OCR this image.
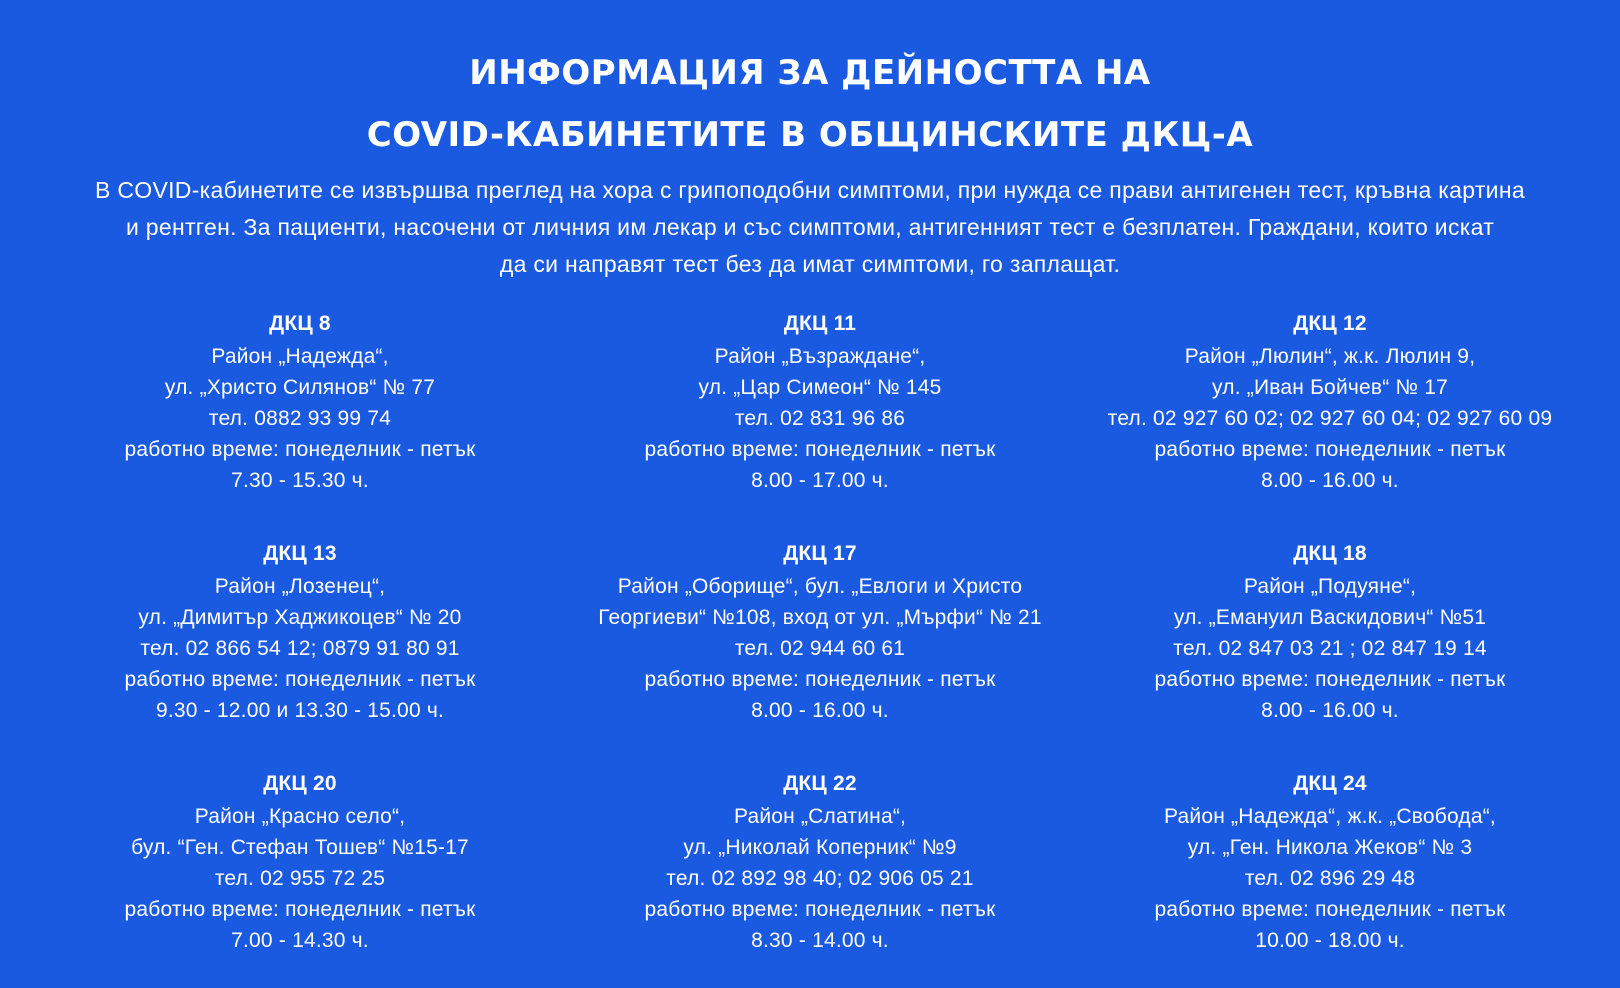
ИНФОРМАЦИЯ ЗА ДЕЙНОСТТА НА
COVID-КАБИНЕТИТЕ В ОБЩИНСКИТЕ ДКЦ-А
В COVID-кабинетите се извършва преглед на хора с грипоподобни симптоми, при нужда се прави антигенен тест, кръвна картина
и рентген. За пациенти, насочени от личния им лекар и със симптоми, антигенният тест е безплатен. Граждани, които искат
да си направят тест без да имат симптоми, го заплащат.
ДКЦ 8
Район „Надежда“,
ул. „Христо Силянов“ № 77
тел. 0882 93 99 74
работно време: понеделник - петък
7.30 - 15.30 ч.
ДКЦ 11
Район „Възраждане“,
ул. „Цар Симеон“ № 145
тел. 02 831 96 86
работно време: понеделник - петък
8.00 - 17.00 ч.
ДКЦ 12
Район „Люлин“, ж.к. Люлин 9,
ул. „Иван Бойчев“ № 17
тел. 02 927 60 02; 02 927 60 04; 02 927 60 09
работно време: понеделник - петък
8.00 - 16.00 ч.
ДКЦ 13
Район „Лозенец“,
ул. „Димитър Хаджикоцев“ № 20
тел. 02 866 54 12; 0879 91 80 91
работно време: понеделник - петък
9.30 - 12.00 и 13.30 - 15.00 ч.
ДКЦ 17
Район „Оборище“, бул. „Евлоги и Христо
Георгиеви“ №108, вход от ул. „Мърфи“ № 21
тел. 02 944 60 61
работно време: понеделник - петък
8.00 - 16.00 ч.
ДКЦ 18
Район „Подуяне“,
ул. „Емануил Васкидович“ №51
тел. 02 847 03 21 ; 02 847 19 14
работно време: понеделник - петък
8.00 - 16.00 ч.
ДКЦ 20
Район „Красно село“,
бул. “Ген. Стефан Тошев“ №15-17
тел. 02 955 72 25
работно време: понеделник - петък
7.00 - 14.30 ч.
ДКЦ 22
Район „Слатина“,
ул. „Николай Коперник“ №9
тел. 02 892 98 40; 02 906 05 21
работно време: понеделник - петък
8.30 - 14.00 ч.
ДКЦ 24
Район „Надежда“, ж.к. „Свобода“,
ул. „Ген. Никола Жеков“ № 3
тел. 02 896 29 48
работно време: понеделник - петък
10.00 - 18.00 ч.
